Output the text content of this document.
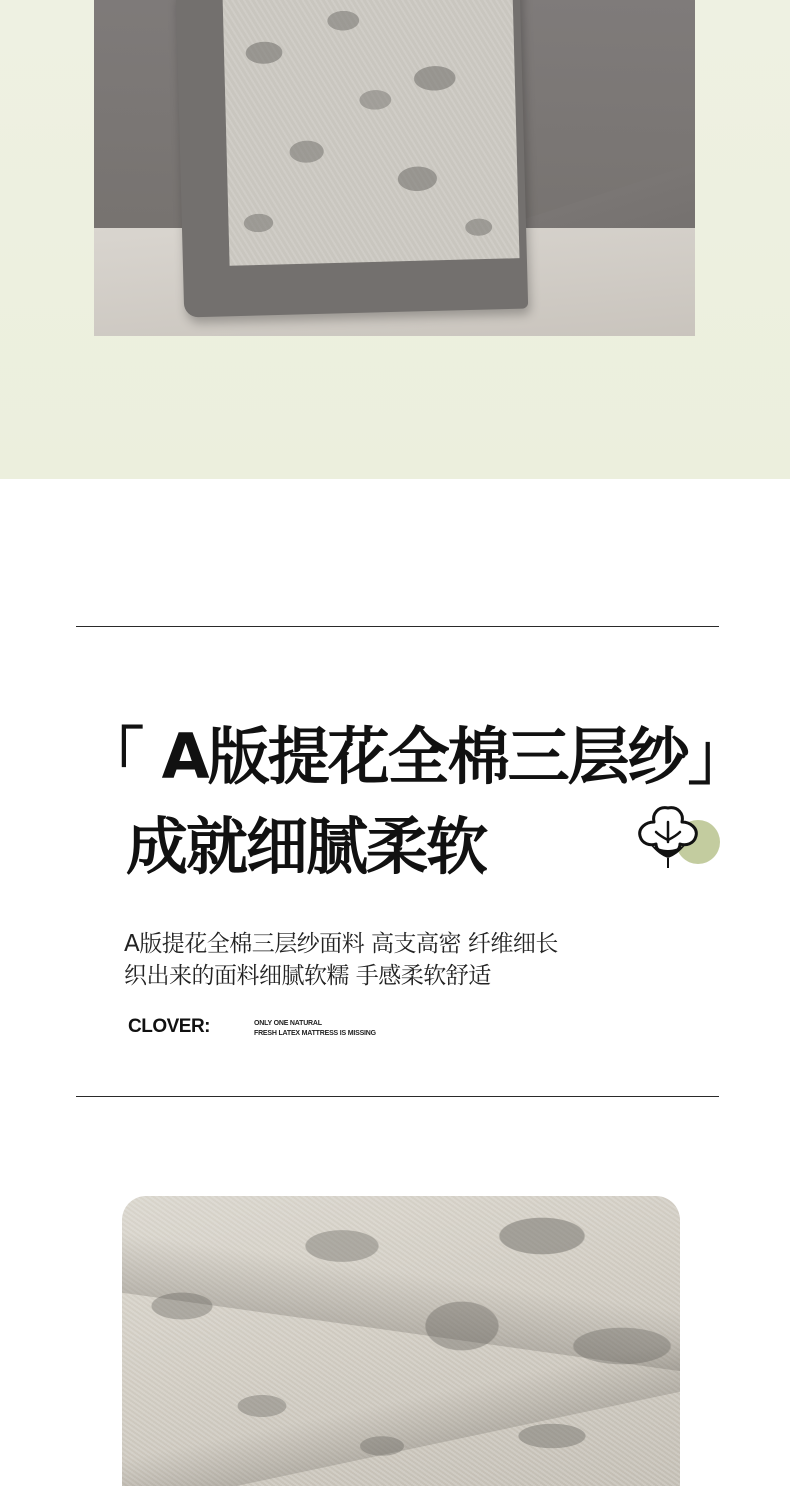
「 A版提花全棉三层纱」
成就细腻柔软

A版提花全棉三层纱面料 高支高密 纤维细长

织出来的面料细腻软糯 手感柔软舒适

CLOVER:	ONLY ONE NATURAL
FRESH LATEX MATTRESS IS MISSING
